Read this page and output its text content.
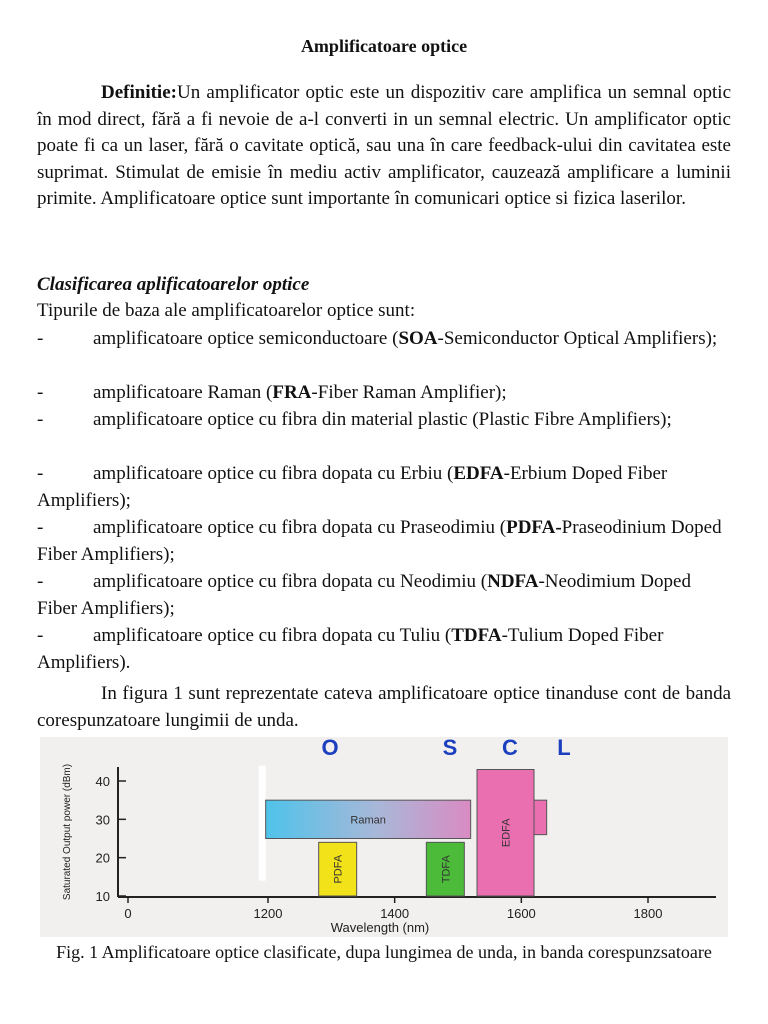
Amplificatoare optice
Definitie:Un amplificator optic este un dispozitiv care amplifica un semnal optic în mod direct, fără a fi nevoie de a-l converti in un semnal electric. Un amplificator optic poate fi ca un laser, fără o cavitate optică, sau una în care feedback-ului din cavitatea este suprimat. Stimulat de emisie în mediu activ amplificator, cauzează amplificare a luminii primite. Amplificatoare optice sunt importante în comunicari optice si fizica laserilor.
Clasificarea aplificatoarelor optice
Tipurile de baza ale amplificatoarelor optice sunt:
-	amplificatoare optice semiconductoare (SOA-Semiconductor Optical Amplifiers);
-	amplificatoare Raman (FRA-Fiber Raman Amplifier);
-	amplificatoare optice cu fibra din material plastic (Plastic Fibre Amplifiers);
-	amplificatoare optice cu fibra dopata cu Erbiu (EDFA-Erbium Doped Fiber Amplifiers);
-	amplificatoare optice cu fibra dopata cu Praseodimiu (PDFA-Praseodinium Doped Fiber Amplifiers);
-	amplificatoare optice cu fibra dopata cu Neodimiu (NDFA-Neodimium Doped Fiber Amplifiers);
-	amplificatoare optice cu fibra dopata cu Tuliu (TDFA-Tulium Doped Fiber Amplifiers).
In figura 1 sunt reprezentate cateva amplificatoare optice tinanduse cont de banda corespunzatoare lungimii de unda.
O	S C L
10
20
30
40
0	1200	1400	1600	1800
Wavelength (nm)
Saturated Output power (dBm)	Raman
PDFA	TDFA
EDFA
Fig. 1 Amplificatoare optice clasificate, dupa lungimea de unda, in banda corespunzsatoare
